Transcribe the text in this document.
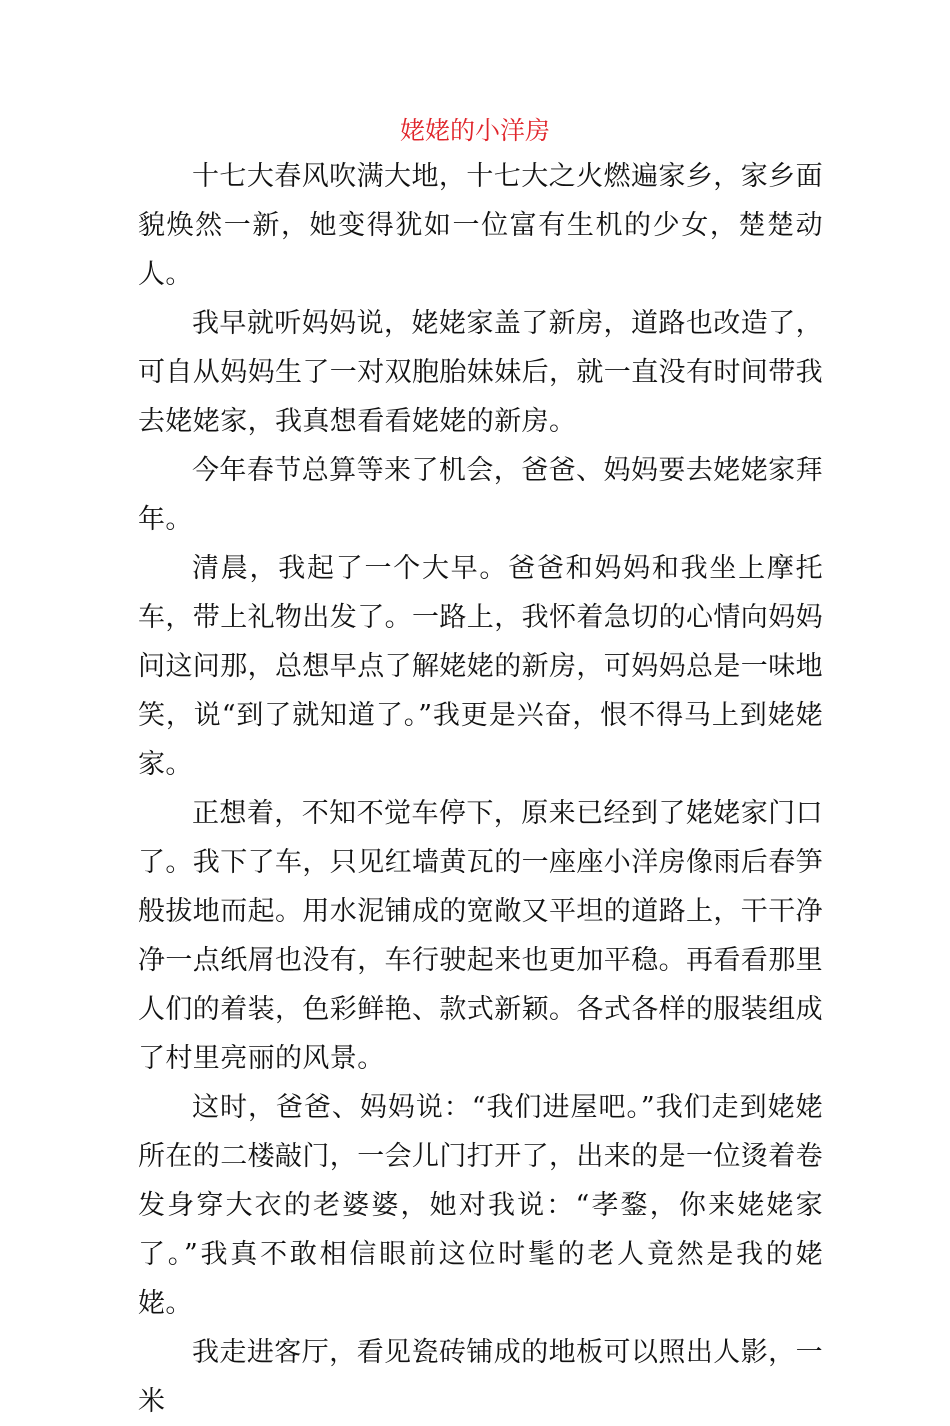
姥姥的小洋房

十七大春风吹满大地，十七大之火燃遍家乡，家乡面貌焕然一新，她变得犹如一位富有生机的少女，楚楚动人。

我早就听妈妈说，姥姥家盖了新房，道路也改造了，可自从妈妈生了一对双胞胎妹妹后，就一直没有时间带我去姥姥家，我真想看看姥姥的新房。

今年春节总算等来了机会，爸爸、妈妈要去姥姥家拜年。

清晨，我起了一个大早。爸爸和妈妈和我坐上摩托车，带上礼物出发了。一路上，我怀着急切的心情向妈妈问这问那，总想早点了解姥姥的新房，可妈妈总是一味地笑，说“到了就知道了。”我更是兴奋，恨不得马上到姥姥家。

正想着，不知不觉车停下，原来已经到了姥姥家门口了。我下了车，只见红墙黄瓦的一座座小洋房像雨后春笋般拔地而起。用水泥铺成的宽敞又平坦的道路上，干干净净一点纸屑也没有，车行驶起来也更加平稳。再看看那里人们的着装，色彩鲜艳、款式新颖。各式各样的服装组成了村里亮丽的风景。

这时，爸爸、妈妈说：“我们进屋吧。”我们走到姥姥所在的二楼敲门，一会儿门打开了，出来的是一位烫着卷发身穿大衣的老婆婆，她对我说：“孝鍪，你来姥姥家了。”我真不敢相信眼前这位时髦的老人竟然是我的姥姥。

我走进客厅，看见瓷砖铺成的地板可以照出人影，一米
